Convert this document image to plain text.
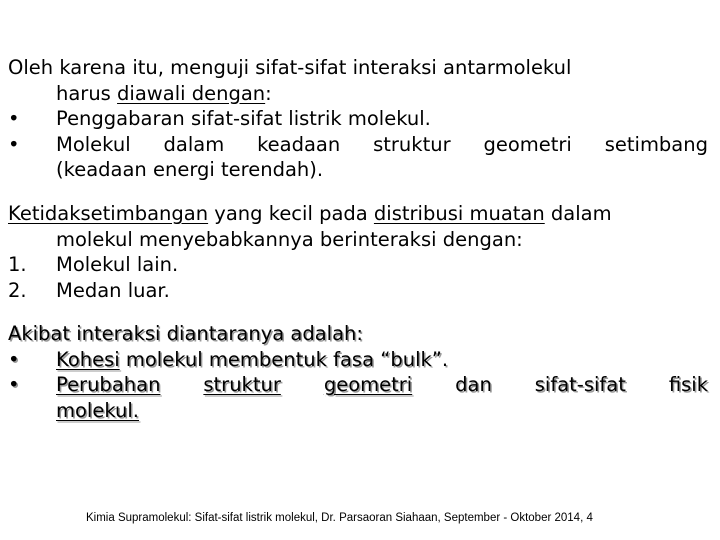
Oleh karena itu, menguji sifat-sifat interaksi antarmolekul
harus diawali dengan:
•	Penggabaran sifat-sifat listrik molekul.
•	Molekul dalam keadaan struktur geometri setimbang
(keadaan energi terendah).
Ketidaksetimbangan yang kecil pada distribusi muatan dalam
molekul menyebabkannya berinteraksi dengan:
1.	Molekul lain.
2.	Medan luar.
Akibat interaksi diantaranya adalah:
•	Kohesi molekul membentuk fasa “bulk”.
•	Perubahan struktur geometri dan sifat-sifat fisik
molekul.
Kimia Supramolekul: Sifat-sifat listrik molekul, Dr. Parsaoran Siahaan, September - Oktober 2014, 4
